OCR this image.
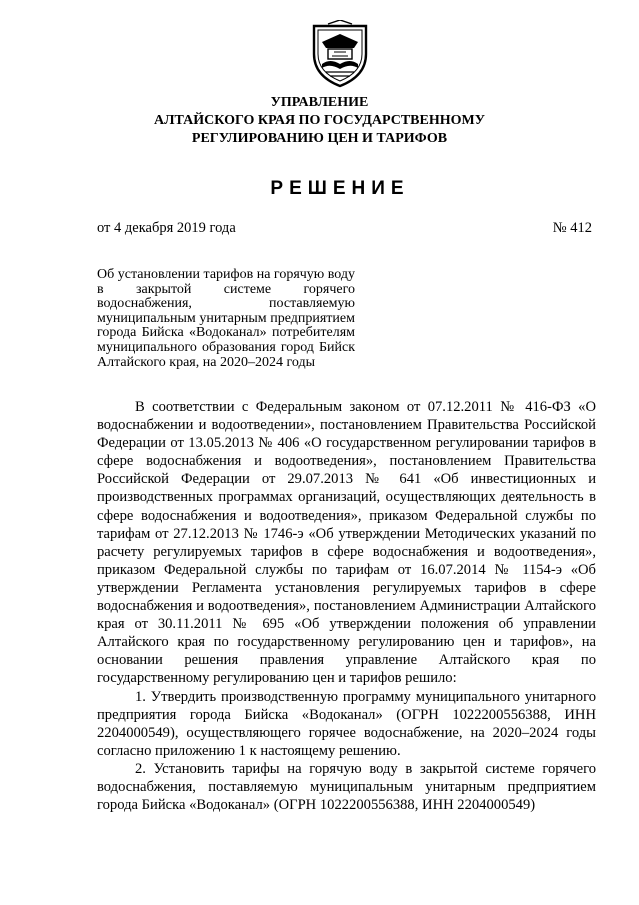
УПРАВЛЕНИЕ
АЛТАЙСКОГО КРАЯ ПО ГОСУДАРСТВЕННОМУ
РЕГУЛИРОВАНИЮ ЦЕН И ТАРИФОВ
РЕШЕНИЕ
от 4 декабря 2019 года	№ 412
Об установлении тарифов на горячую воду в закрытой системе горячего водоснабжения, поставляемую муниципальным унитарным предприятием города Бийска «Водоканал» потребителям муниципального образования город Бийск Алтайского края, на 2020–2024 годы

В соответствии с Федеральным законом от 07.12.2011 № 416-ФЗ «О водоснабжении и водоотведении», постановлением Правительства Российской Федерации от 13.05.2013 № 406 «О государственном регулировании тарифов в сфере водоснабжения и водоотведения», постановлением Правительства Российской Федерации от 29.07.2013 № 641 «Об инвестиционных и производственных программах организаций, осуществляющих деятельность в сфере водоснабжения и водоотведения», приказом Федеральной службы по тарифам от 27.12.2013 № 1746-э «Об утверждении Методических указаний по расчету регулируемых тарифов в сфере водоснабжения и водоотведения», приказом Федеральной службы по тарифам от 16.07.2014 № 1154-э «Об утверждении Регламента установления регулируемых тарифов в сфере водоснабжения и водоотведения», постановлением Администрации Алтайского края от 30.11.2011 № 695 «Об утверждении положения об управлении Алтайского края по государственному регулированию цен и тарифов», на основании решения правления управление Алтайского края по государственному регулированию цен и тарифов решило:

1. Утвердить производственную программу муниципального унитарного предприятия города Бийска «Водоканал» (ОГРН 1022200556388, ИНН 2204000549), осуществляющего горячее водоснабжение, на 2020–2024 годы согласно приложению 1 к настоящему решению.

2. Установить тарифы на горячую воду в закрытой системе горячего водоснабжения, поставляемую муниципальным унитарным предприятием города Бийска «Водоканал» (ОГРН 1022200556388, ИНН 2204000549)
